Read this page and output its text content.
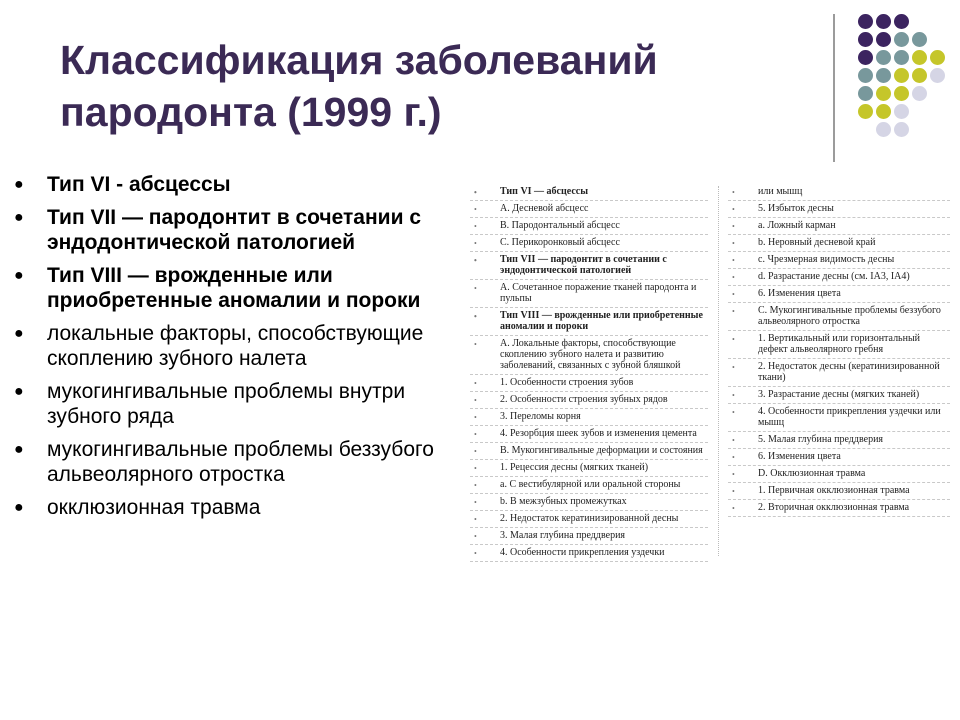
Классификация заболеваний
пародонта (1999 г.)
●	Тип VI - абсцессы
●	Тип VII — пародонтит в сочетании с эндодонтической патологией
●	Тип VIII — врожденные или приобретенные аномалии и пороки
●	локальные факторы, способствующие скоплению зубного налета
●	мукогингивальные проблемы внутри зубного ряда
●	мукогингивальные проблемы беззубого альвеолярного отростка
●	окклюзионная травма
• Тип VI — абсцессы
• А. Десневой абсцесс
• В. Пародонтальный абсцесс
• С. Перикоронковый абсцесс
• Тип VII — пародонтит в сочетании с эндодонтической патологией
• А. Сочетанное поражение тканей пародонта и пульпы
• Тип VIII — врожденные или приобретенные аномалии и пороки
• А. Локальные факторы, способствующие скоплению зубного налета и развитию заболеваний, связанных с зубной бляшкой
• 1. Особенности строения зубов
• 2. Особенности строения зубных рядов
• 3. Переломы корня
• 4. Резорбция шеек зубов и изменения цемента
• В. Мукогингивальные деформации и состояния
• 1. Рецессия десны (мягких тканей)
• а. С вестибулярной или оральной стороны
• b. В межзубных промежутках
• 2. Недостаток кератинизированной десны
• 3. Малая глубина преддверия
• 4. Особенности прикрепления уздечки
• или мышц
• 5. Избыток десны
• а. Ложный карман
• b. Неровный десневой край
• с. Чрезмерная видимость десны
• d. Разрастание десны (см. IA3, IA4)
• 6. Изменения цвета
• С. Мукогингивальные проблемы беззубого альвеолярного отростка
• 1. Вертикальный или горизонтальный дефект альвеолярного гребня
• 2. Недостаток десны (кератинизированной ткани)
• 3. Разрастание десны (мягких тканей)
• 4. Особенности прикрепления уздечки или мышц
• 5. Малая глубина преддверия
• 6. Изменения цвета
• D. Окклюзионная травма
• 1. Первичная окклюзионная травма
• 2. Вторичная окклюзионная травма
